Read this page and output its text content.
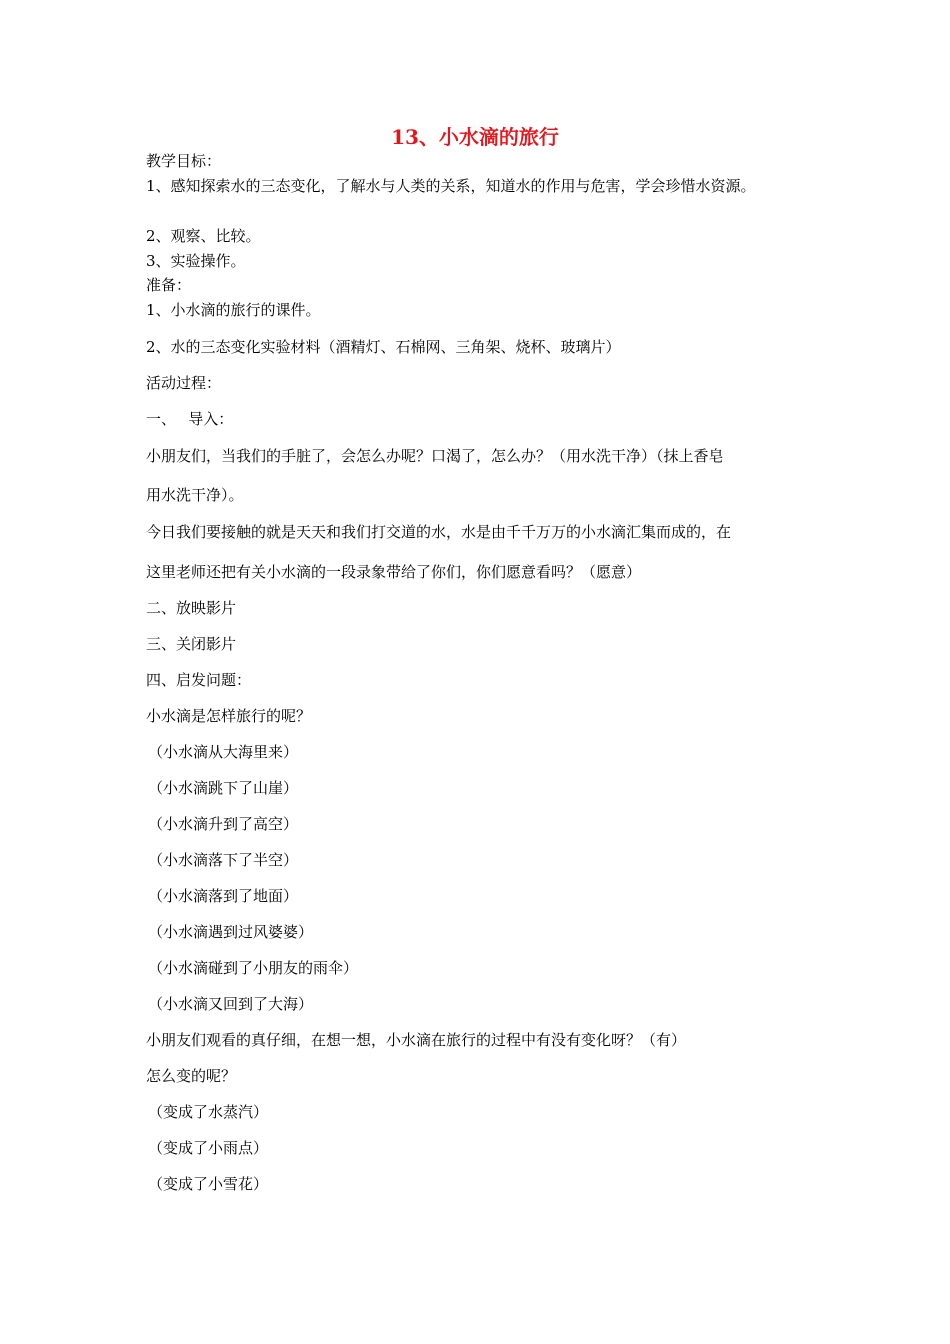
13、小水滴的旅行
教学目标：
1、感知探索水的三态变化，了解水与人类的关系，知道水的作用与危害，学会珍惜水资源。
2、观察、比较。
3、实验操作。
准备：
1、小水滴的旅行的课件。
2、水的三态变化实验材料（酒精灯、石棉网、三角架、烧杯、玻璃片）
活动过程：
一、　 导入：
小朋友们，当我们的手脏了，会怎么办呢？口渴了，怎么办？（用水洗干净）（抹上香皂
用水洗干净）。
今日我们要接触的就是天天和我们打交道的水，水是由千千万万的小水滴汇集而成的，在
这里老师还把有关小水滴的一段录象带给了你们，你们愿意看吗？（愿意）
二、放映影片
三、关闭影片
四、启发问题：
小水滴是怎样旅行的呢？
（小水滴从大海里来）
（小水滴跳下了山崖）
（小水滴升到了高空）
（小水滴落下了半空）
（小水滴落到了地面）
（小水滴遇到过风婆婆）
（小水滴碰到了小朋友的雨伞）
（小水滴又回到了大海）
小朋友们观看的真仔细，在想一想，小水滴在旅行的过程中有没有变化呀？（有）
怎么变的呢？
（变成了水蒸汽）
（变成了小雨点）
（变成了小雪花）
